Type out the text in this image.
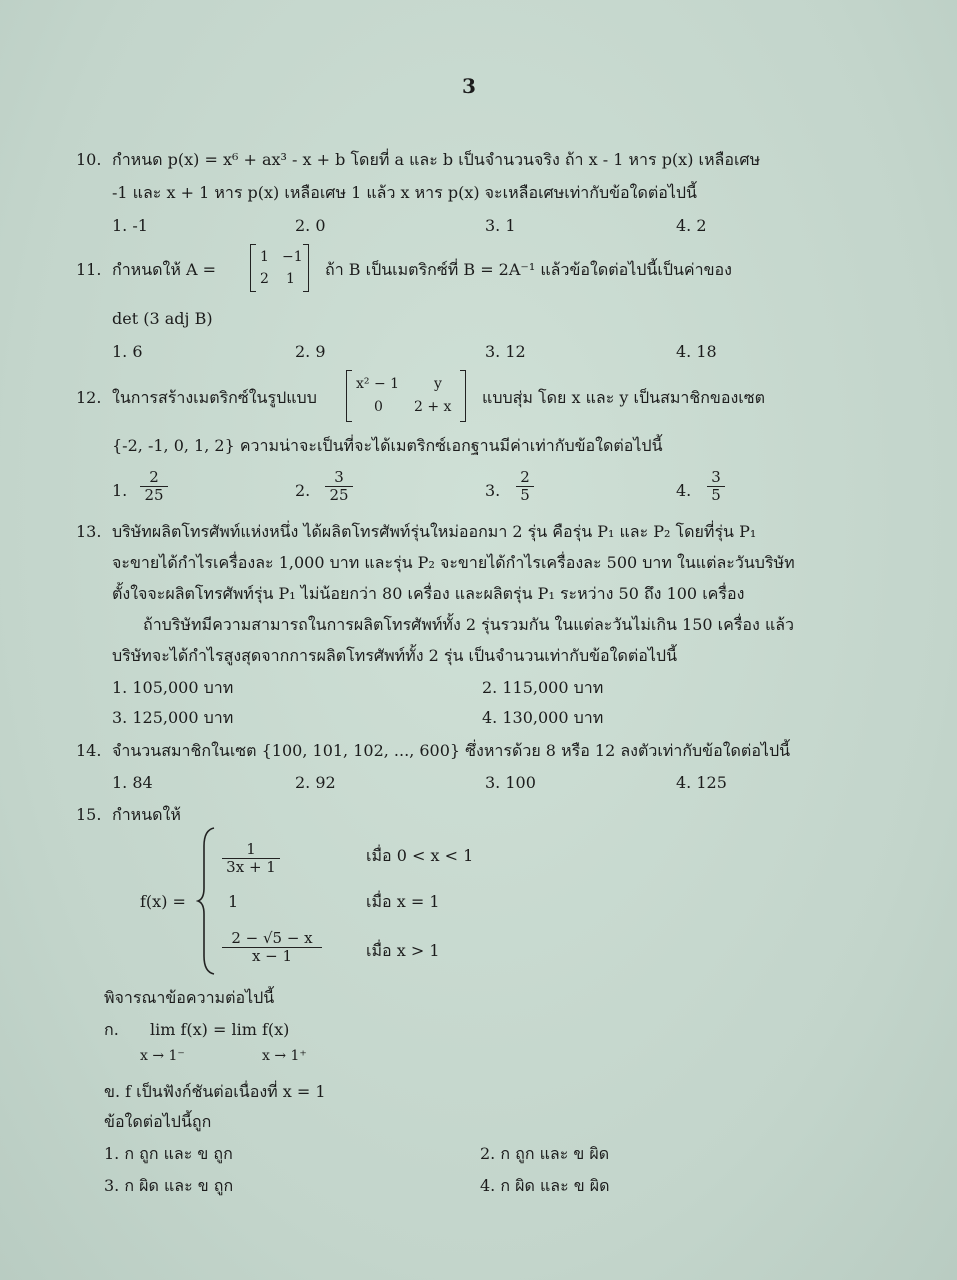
3
10. กำหนด p(x) = x⁶ + ax³ - x + b โดยที่ a และ b เป็นจำนวนจริง ถ้า x - 1 หาร p(x) เหลือเศษ
-1 และ x + 1 หาร p(x) เหลือเศษ 1 แล้ว x หาร p(x) จะเหลือเศษเท่ากับข้อใดต่อไปนี้
1. -1	2. 0	3. 1	4. 2
11. กำหนดให้ A =
1 −1
2 1 ถ้า B เป็นเมตริกซ์ที่ B = 2A⁻¹ แล้วข้อใดต่อไปนี้เป็นค่าของ
det (3 adj B)
1. 6	2. 9	3. 12	4. 18
12. ในการสร้างเมตริกซ์ในรูปแบบ
x² − 1 y
0 2 + x แบบสุ่ม โดย x และ y เป็นสมาชิกของเซต
{-2, -1, 0, 1, 2} ความน่าจะเป็นที่จะได้เมตริกซ์เอกฐานมีค่าเท่ากับข้อใดต่อไปนี้
1. $\frac{2}{25}$	2. $\frac{3}{25}$	3. $\frac{2}{5}$	4. $\frac{3}{5}$
13. บริษัทผลิตโทรศัพท์แห่งหนึ่ง ได้ผลิตโทรศัพท์รุ่นใหม่ออกมา 2 รุ่น คือรุ่น P₁ และ P₂ โดยที่รุ่น P₁
จะขายได้กำไรเครื่องละ 1,000 บาท และรุ่น P₂ จะขายได้กำไรเครื่องละ 500 บาท ในแต่ละวันบริษัท
ตั้งใจจะผลิตโทรศัพท์รุ่น P₁ ไม่น้อยกว่า 80 เครื่อง และผลิตรุ่น P₁ ระหว่าง 50 ถึง 100 เครื่อง
ถ้าบริษัทมีความสามารถในการผลิตโทรศัพท์ทั้ง 2 รุ่นรวมกัน ในแต่ละวันไม่เกิน 150 เครื่อง แล้ว
บริษัทจะได้กำไรสูงสุดจากการผลิตโทรศัพท์ทั้ง 2 รุ่น เป็นจำนวนเท่ากับข้อใดต่อไปนี้
1. 105,000 บาท	2. 115,000 บาท
3. 125,000 บาท	4. 130,000 บาท
14. จำนวนสมาชิกในเซต {100, 101, 102, ..., 600} ซึ่งหารด้วย 8 หรือ 12 ลงตัวเท่ากับข้อใดต่อไปนี้
1. 84	2. 92	3. 100	4. 125
15. กำหนดให้
f(x) =
$\frac{1}{3x + 1}$	เมื่อ 0 < x < 1
1	เมื่อ x = 1
$\frac{2 - √5 - x}{x - 1}$	เมื่อ x > 1
พิจารณาข้อความต่อไปนี้
ก. lim f(x) = lim f(x)
x → 1⁻	x → 1⁺
ข. f เป็นฟังก์ชันต่อเนื่องที่ x = 1
ข้อใดต่อไปนี้ถูก
1. ก ถูก และ ข ถูก	2. ก ถูก และ ข ผิด
3. ก ผิด และ ข ถูก	4. ก ผิด และ ข ผิด
